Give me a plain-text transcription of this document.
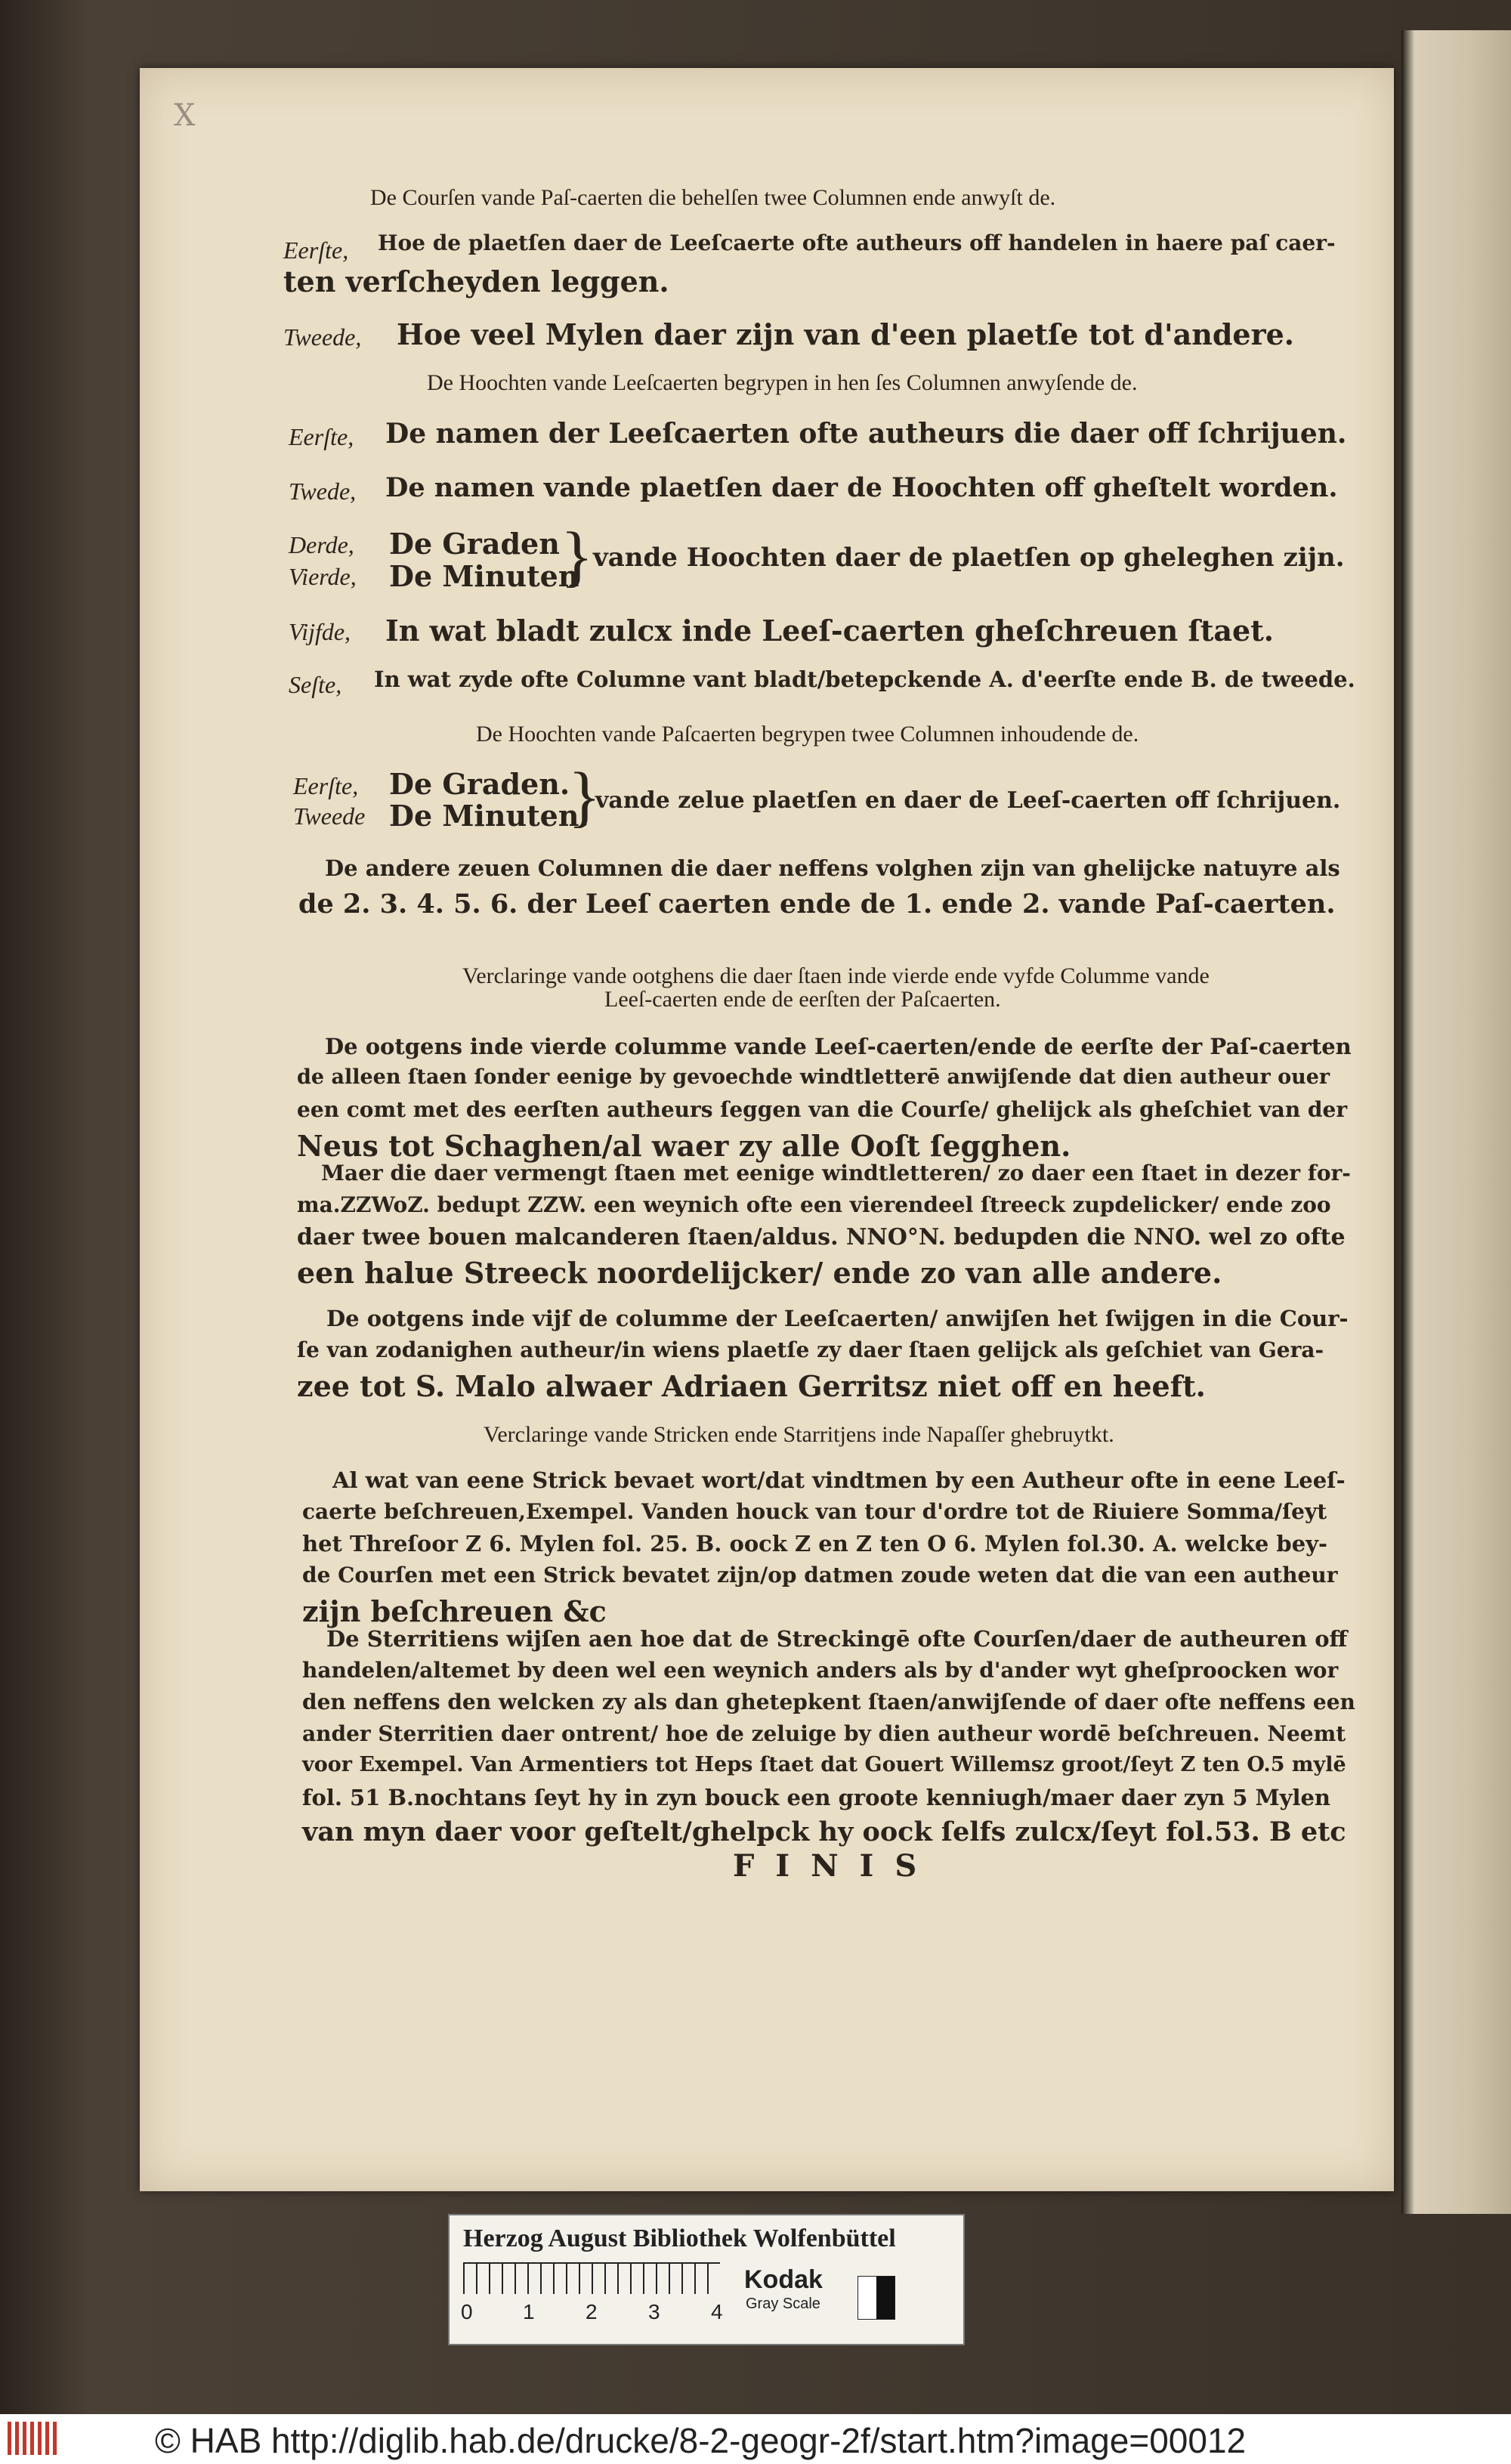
X
De Courſen vande Paſ-caerten die behelſen twee Columnen ende anwyſt de.
Eerſte, Hoe de plaetſen daer de Leeſcaerte ofte autheurs off handelen in haere paſ caer-
ten verſcheyden leggen.
Tweede, Hoe veel Mylen daer zijn van d'een plaetſe tot d'andere.
De Hoochten vande Leeſcaerten begrypen in hen ſes Columnen anwyſende de.
Eerſte, De namen der Leeſcaerten ofte autheurs die daer off ſchrijuen.
Twede, De namen vande plaetſen daer de Hoochten off gheſtelt worden.
Derde, De Graden
Vierde, De Minuten
} vande Hoochten daer de plaetſen op gheleghen zijn.
Vijfde, In wat bladt zulcx inde Leeſ-caerten gheſchreuen ſtaet.
Seſte, In wat zyde ofte Columne vant bladt/betepckende A. d'eerſte ende B. de tweede.
De Hoochten vande Paſcaerten begrypen twee Columnen inhoudende de.
Eerſte, De Graden.
Tweede De Minuten.
}
vande zelue plaetſen en daer de Leeſ-caerten off ſchrijuen.
De andere zeuen Columnen die daer neffens volghen zijn van ghelijcke natuyre als
de 2. 3. 4. 5. 6. der Leeſ caerten ende de 1. ende 2. vande Paſ-caerten.
Verclaringe vande ootghens die daer ſtaen inde vierde ende vyfde Columme vande
Leeſ-caerten ende de eerſten der Paſcaerten.
De ootgens inde vierde columme vande Leeſ-caerten/ende de eerſte der Paſ-caerten
de alleen ſtaen ſonder eenige by gevoechde windtletterē anwijſende dat dien autheur ouer
een comt met des eerſten autheurs ſeggen van die Courſe/ ghelijck als gheſchiet van der
Neus tot Schaghen/al waer zy alle Ooſt ſegghen.
Maer die daer vermengt ſtaen met eenige windtletteren/ zo daer een ſtaet in dezer for-
ma.ZZWoZ. bedupt ZZW. een weynich ofte een vierendeel ſtreeck zupdelicker/ ende zoo
daer twee bouen malcanderen ſtaen/aldus. NNO°N. bedupden die NNO. wel zo ofte
een halue Streeck noordelijcker/ ende zo van alle andere.
De ootgens inde vijf de columme der Leeſcaerten/ anwijſen het ſwijgen in die Cour-
ſe van zodanighen autheur/in wiens plaetſe zy daer ſtaen gelijck als geſchiet van Gera-
zee tot S. Malo alwaer Adriaen Gerritsz niet off en heeft.
Verclaringe vande Stricken ende Starritjens inde Napaſſer ghebruytkt.
Al wat van eene Strick bevaet wort/dat vindtmen by een Autheur ofte in eene Leeſ-
caerte beſchreuen,Exempel. Vanden houck van tour d'ordre tot de Riuiere Somma/ſeyt
het Threſoor Z 6. Mylen fol. 25. B. oock Z en Z ten O 6. Mylen fol.30. A. welcke bey-
de Courſen met een Strick bevatet zijn/op datmen zoude weten dat die van een autheur
zijn beſchreuen &c
De Sterritiens wijſen aen hoe dat de Streckingē ofte Courſen/daer de autheuren off
handelen/altemet by deen wel een weynich anders als by d'ander wyt gheſproocken wor
den neffens den welcken zy als dan ghetepkent ſtaen/anwijſende of daer ofte neffens een
ander Sterritien daer ontrent/ hoe de zeluige by dien autheur wordē beſchreuen. Neemt
voor Exempel. Van Armentiers tot Heps ſtaet dat Gouert Willemsz groot/ſeyt Z ten O.5 mylē
fol. 51 B.nochtans ſeyt hy in zyn bouck een groote kenniugh/maer daer zyn 5 Mylen
van myn daer voor geſtelt/ghelpck hy oock ſelfs zulcx/ſeyt fol.53. B etc
FINIS
Herzog August Bibliothek Wolfenbüttel
0 1 2 3 4
Kodak
Gray Scale
© HAB http://diglib.hab.de/drucke/8-2-geogr-2f/start.htm?image=00012
